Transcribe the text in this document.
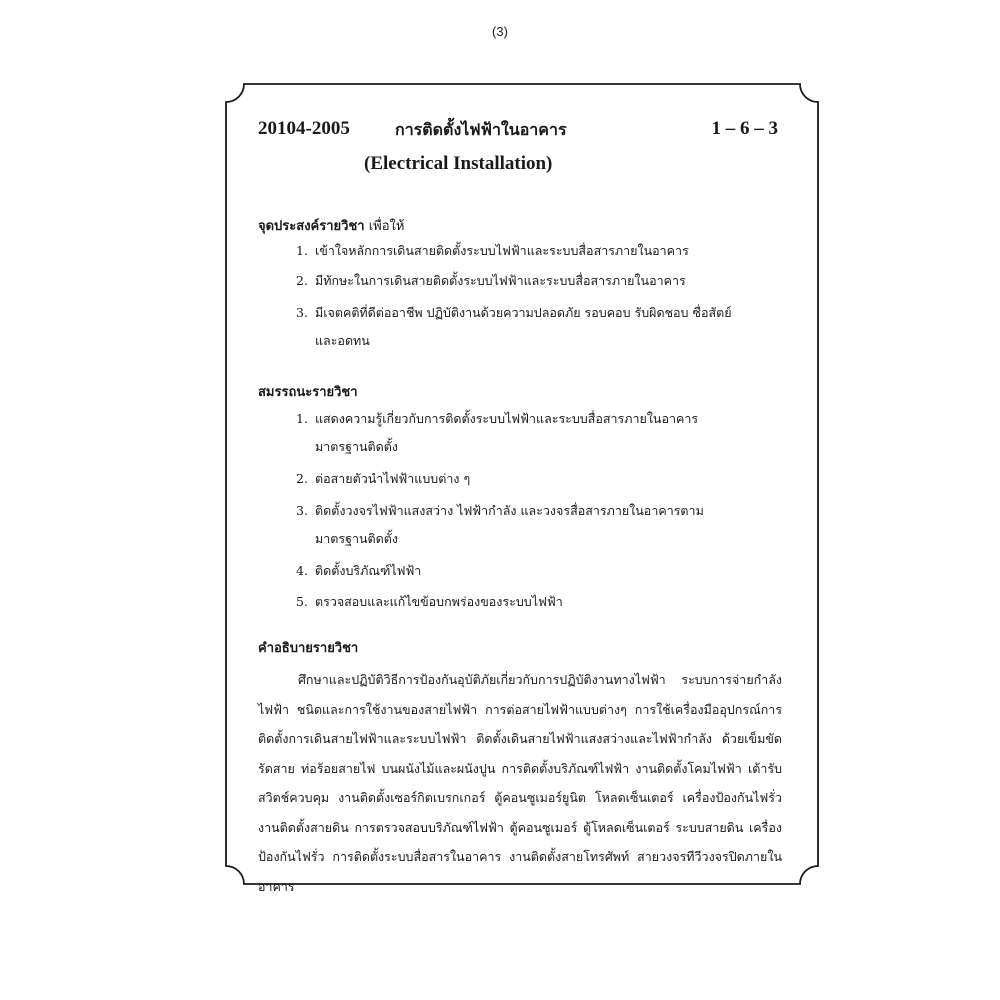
(3)
20104-2005	การติดตั้งไฟฟ้าในอาคาร	1 – 6 – 3
(Electrical Installation)
จุดประสงค์รายวิชา เพื่อให้
1. เข้าใจหลักการเดินสายติดตั้งระบบไฟฟ้าและระบบสื่อสารภายในอาคาร
2. มีทักษะในการเดินสายติดตั้งระบบไฟฟ้าและระบบสื่อสารภายในอาคาร
3. มีเจตคติที่ดีต่ออาชีพ ปฏิบัติงานด้วยความปลอดภัย รอบคอบ รับผิดชอบ ซื่อสัตย์
และอดทน
สมรรถนะรายวิชา
1. แสดงความรู้เกี่ยวกับการติดตั้งระบบไฟฟ้าและระบบสื่อสารภายในอาคาร
มาตรฐานติดตั้ง
2. ต่อสายตัวนำไฟฟ้าแบบต่าง ๆ
3. ติดตั้งวงจรไฟฟ้าแสงสว่าง ไฟฟ้ากำลัง และวงจรสื่อสารภายในอาคารตาม
มาตรฐานติดตั้ง
4. ติดตั้งบริภัณฑ์ไฟฟ้า
5. ตรวจสอบและแก้ไขข้อบกพร่องของระบบไฟฟ้า
คำอธิบายรายวิชา

ศึกษาและปฏิบัติวิธีการป้องกันอุบัติภัยเกี่ยวกับการปฏิบัติงานทางไฟฟ้า ระบบการจ่ายกำลังไฟฟ้า ชนิดและการใช้งานของสายไฟฟ้า การต่อสายไฟฟ้าแบบต่างๆ การใช้เครื่องมืออุปกรณ์การติดตั้งการเดินสายไฟฟ้าและระบบไฟฟ้า ติดตั้งเดินสายไฟฟ้าแสงสว่างและไฟฟ้ากำลัง ด้วยเข็มขัดรัดสาย ท่อร้อยสายไฟ บนผนังไม้และผนังปูน การติดตั้งบริภัณฑ์ไฟฟ้า งานติดตั้งโคมไฟฟ้า เต้ารับ สวิตช์ควบคุม งานติดตั้งเซอร์กิตเบรกเกอร์ ตู้คอนซูเมอร์ยูนิต โหลดเซ็นเตอร์ เครื่องป้องกันไฟรั่ว งานติดตั้งสายดิน การตรวจสอบบริภัณฑ์ไฟฟ้า ตู้คอนซูเมอร์ ตู้โหลดเซ็นเตอร์ ระบบสายดิน เครื่องป้องกันไฟรั่ว การติดตั้งระบบสื่อสารในอาคาร งานติดตั้งสายโทรศัพท์ สายวงจรทีวีวงจรปิดภายในอาคาร
